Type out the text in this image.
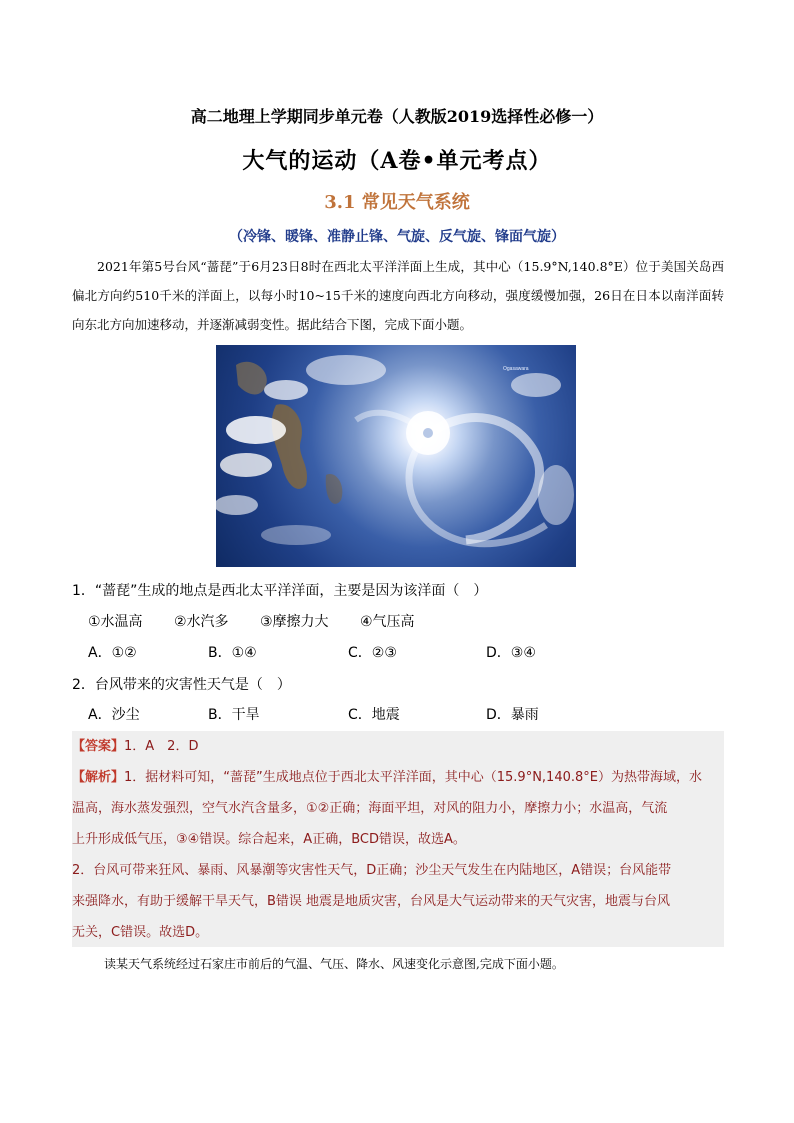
高二地理上学期同步单元卷（人教版2019选择性必修一）
大气的运动（A卷•单元考点）
3.1 常见天气系统
（冷锋、暖锋、准静止锋、气旋、反气旋、锋面气旋）
2021年第5号台风“蔷琵”于6月23日8时在西北太平洋洋面上生成，其中心（15.9°N,140.8°E）位于美国关岛西偏北方向约510千米的洋面上，以每小时10~15千米的速度向西北方向移动，强度缓慢加强，26日在日本以南洋面转向东北方向加速移动，并逐渐减弱变性。据此结合下图，完成下面小题。
Ogasawara
1．“蔷琵”生成的地点是西北太平洋洋面，主要是因为该洋面（　）
①水温高 ②水汽多 ③摩擦力大 ④气压高
A．①②	B．①④	C．②③	D．③④
2．台风带来的灾害性天气是（　）
A．沙尘	B．干旱	C．地震	D．暴雨
【答案】1．A　2．D
【解析】1．据材料可知，“蔷琵”生成地点位于西北太平洋洋面，其中心（15.9°N,140.8°E）为热带海域，水
温高，海水蒸发强烈，空气水汽含量多，①②正确；海面平坦，对风的阻力小，摩擦力小；水温高，气流
上升形成低气压，③④错误。综合起来，A正确，BCD错误，故选A。
2．台风可带来狂风、暴雨、风暴潮等灾害性天气，D正确；沙尘天气发生在内陆地区，A错误；台风能带
来强降水，有助于缓解干旱天气，B错误 地震是地质灾害，台风是大气运动带来的天气灾害，地震与台风
无关，C错误。故选D。
读某天气系统经过石家庄市前后的气温、气压、降水、风速变化示意图,完成下面小题。
